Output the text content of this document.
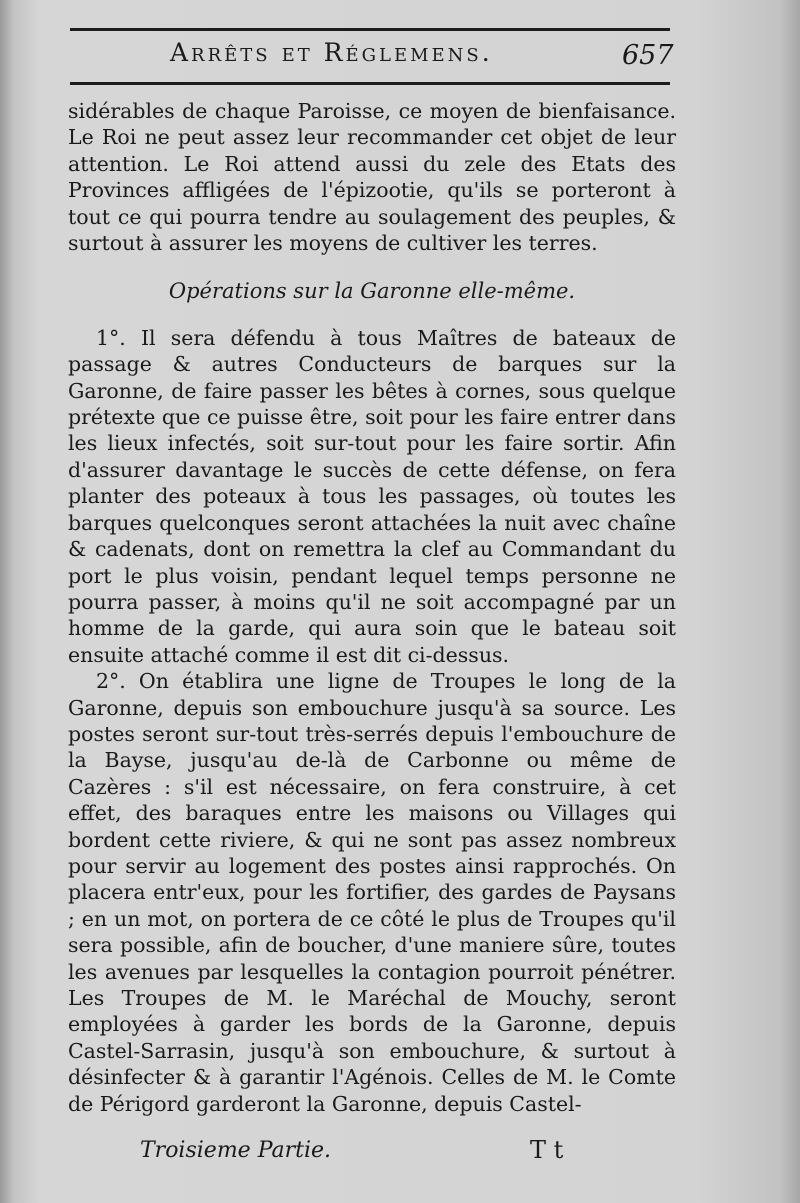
Arrêts et Réglemens.	657

sidérables de chaque Paroisse, ce moyen de bienfaisance. Le Roi ne peut assez leur recommander cet objet de leur attention. Le Roi attend aussi du zele des Etats des Provinces affligées de l'épizootie, qu'ils se porteront à tout ce qui pourra tendre au soulagement des peuples, & surtout à assurer les moyens de cultiver les terres.

Opérations sur la Garonne elle-même.

1°. Il sera défendu à tous Maîtres de bateaux de passage & autres Conducteurs de barques sur la Garonne, de faire passer les bêtes à cornes, sous quelque prétexte que ce puisse être, soit pour les faire entrer dans les lieux infectés, soit sur-tout pour les faire sortir. Afin d'assurer davantage le succès de cette défense, on fera planter des poteaux à tous les passages, où toutes les barques quelconques seront attachées la nuit avec chaîne & cadenats, dont on remettra la clef au Commandant du port le plus voisin, pendant lequel temps personne ne pourra passer, à moins qu'il ne soit accompagné par un homme de la garde, qui aura soin que le bateau soit ensuite attaché comme il est dit ci-dessus.

2°. On établira une ligne de Troupes le long de la Garonne, depuis son embouchure jusqu'à sa source. Les postes seront sur-tout très-serrés depuis l'embouchure de la Bayse, jusqu'au de-là de Carbonne ou même de Cazères : s'il est nécessaire, on fera construire, à cet effet, des baraques entre les maisons ou Villages qui bordent cette riviere, & qui ne sont pas assez nombreux pour servir au logement des postes ainsi rapprochés. On placera entr'eux, pour les fortifier, des gardes de Paysans ; en un mot, on portera de ce côté le plus de Troupes qu'il sera possible, afin de boucher, d'une maniere sûre, toutes les avenues par lesquelles la contagion pourroit pénétrer. Les Troupes de M. le Maréchal de Mouchy, seront employées à garder les bords de la Garonne, depuis Castel-Sarrasin, jusqu'à son embouchure, & surtout à désinfecter & à garantir l'Agénois. Celles de M. le Comte de Périgord garderont la Garonne, depuis Castel-

Troisieme Partie.	T t
